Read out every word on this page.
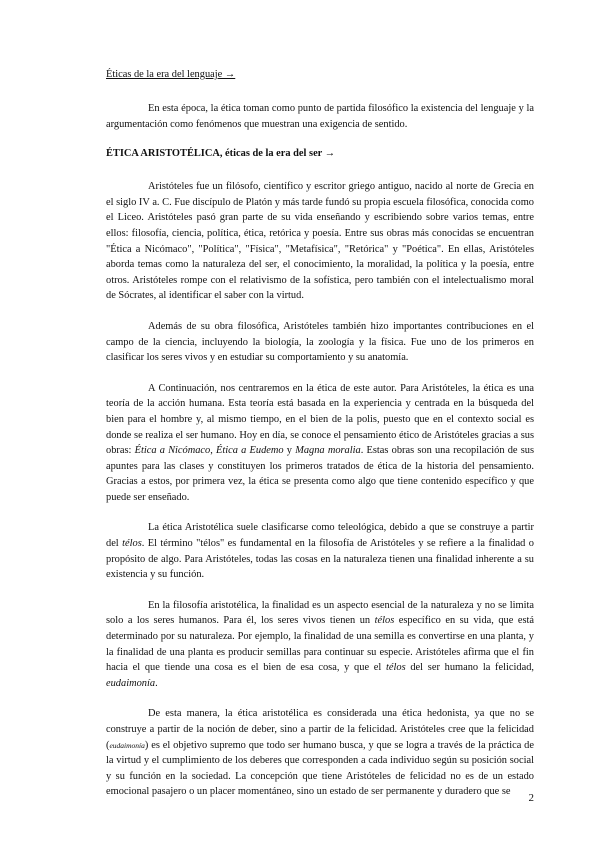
Éticas de la era del lenguaje →

En esta época, la ética toman como punto de partida filosófico la existencia del lenguaje y la argumentación como fenómenos que muestran una exigencia de sentido.

ÉTICA ARISTOTÉLICA, éticas de la era del ser →

Aristóteles fue un filósofo, científico y escritor griego antiguo, nacido al norte de Grecia en el siglo IV a. C. Fue discípulo de Platón y más tarde fundó su propia escuela filosófica, conocida como el Liceo. Aristóteles pasó gran parte de su vida enseñando y escribiendo sobre varios temas, entre ellos: filosofía, ciencia, política, ética, retórica y poesía. Entre sus obras más conocidas se encuentran "Ética a Nicómaco", "Política", "Física", "Metafísica", "Retórica" y "Poética". En ellas, Aristóteles aborda temas como la naturaleza del ser, el conocimiento, la moralidad, la política y la poesía, entre otros. Aristóteles rompe con el relativismo de la sofística, pero también con el intelectualismo moral de Sócrates, al identificar el saber con la virtud.

Además de su obra filosófica, Aristóteles también hizo importantes contribuciones en el campo de la ciencia, incluyendo la biología, la zoología y la física. Fue uno de los primeros en clasificar los seres vivos y en estudiar su comportamiento y su anatomía.

A Continuación, nos centraremos en la ética de este autor. Para Aristóteles, la ética es una teoría de la acción humana. Esta teoría está basada en la experiencia y centrada en la búsqueda del bien para el hombre y, al mismo tiempo, en el bien de la polis, puesto que en el contexto social es donde se realiza el ser humano. Hoy en día, se conoce el pensamiento ético de Aristóteles gracias a sus obras: Ética a Nicómaco, Ética a Eudemo y Magna moralia. Estas obras son una recopilación de sus apuntes para las clases y constituyen los primeros tratados de ética de la historia del pensamiento. Gracias a estos, por primera vez, la ética se presenta como algo que tiene contenido específico y que puede ser enseñado.

La ética Aristotélica suele clasificarse como teleológica, debido a que se construye a partir del télos. El término "télos" es fundamental en la filosofía de Aristóteles y se refiere a la finalidad o propósito de algo. Para Aristóteles, todas las cosas en la naturaleza tienen una finalidad inherente a su existencia y su función.

En la filosofía aristotélica, la finalidad es un aspecto esencial de la naturaleza y no se limita solo a los seres humanos. Para él, los seres vivos tienen un télos específico en su vida, que está determinado por su naturaleza. Por ejemplo, la finalidad de una semilla es convertirse en una planta, y la finalidad de una planta es producir semillas para continuar su especie. Aristóteles afirma que el fin hacia el que tiende una cosa es el bien de esa cosa, y que el télos del ser humano la felicidad, eudaimonía.

De esta manera, la ética aristotélica es considerada una ética hedonista, ya que no se construye a partir de la noción de deber, sino a partir de la felicidad. Aristóteles cree que la felicidad (eudaimonía) es el objetivo supremo que todo ser humano busca, y que se logra a través de la práctica de la virtud y el cumplimiento de los deberes que corresponden a cada individuo según su posición social y su función en la sociedad. La concepción que tiene Aristóteles de felicidad no es de un estado emocional pasajero o un placer momentáneo, sino un estado de ser permanente y duradero que se

2
